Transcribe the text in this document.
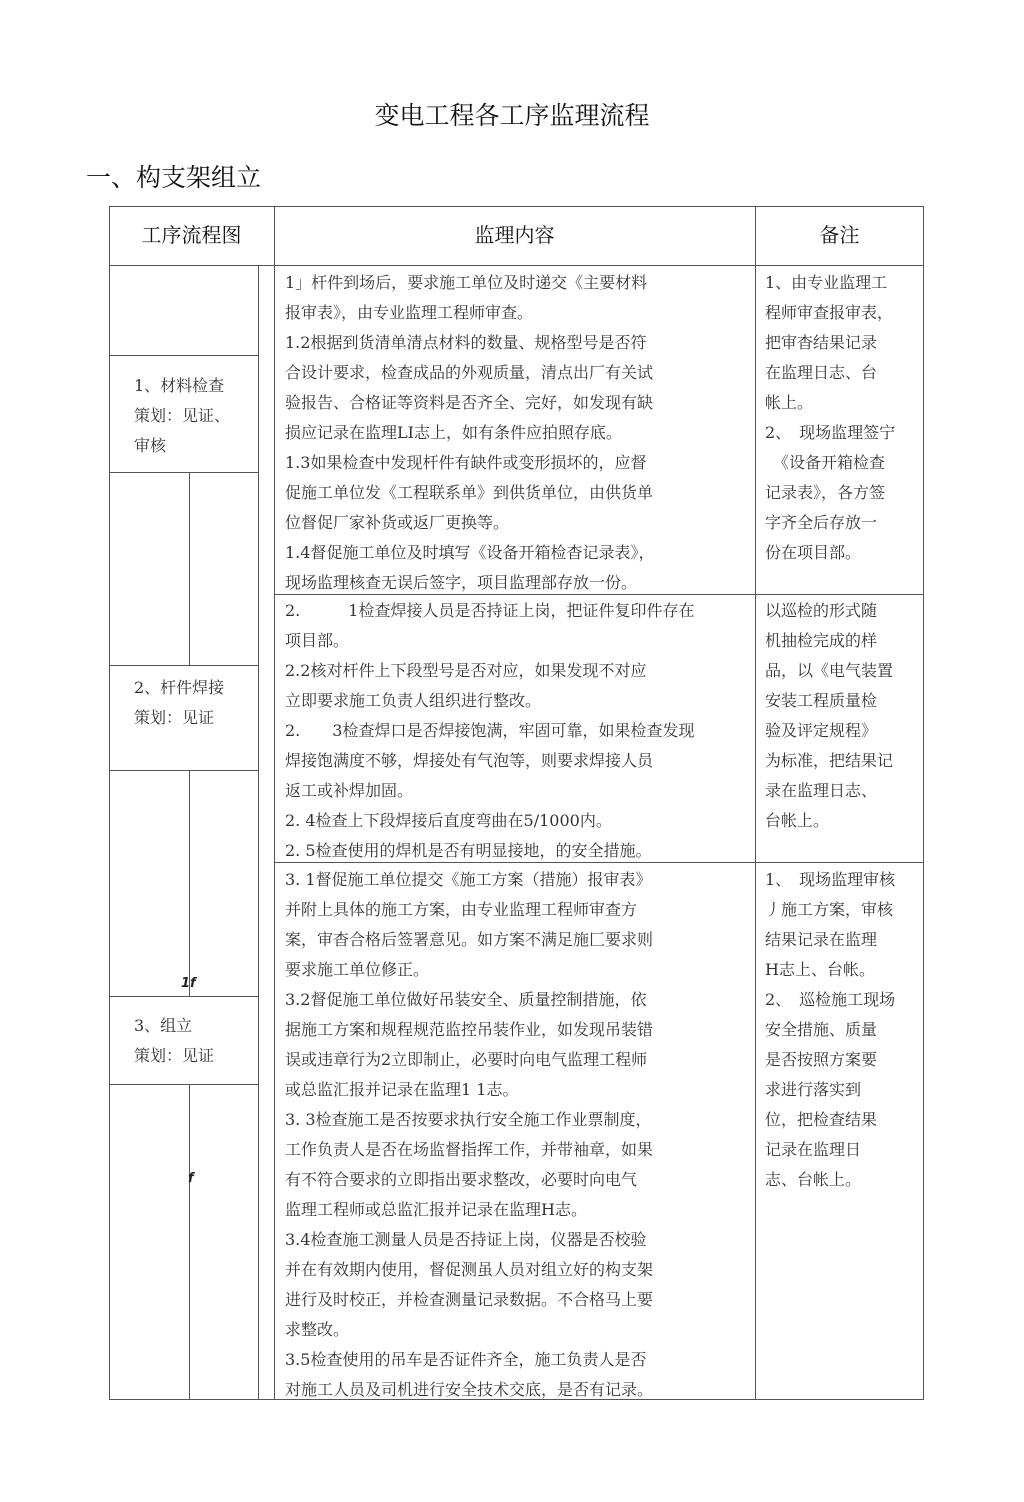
变电工程各工序监理流程
一、构支架组立
工序流程图	监理内容	备注
1、材料检查
策划：见证、
审核
2、杆件焊接
策划：见证
3、组立
策划：见证
1f
f

1」杆件到场后，要求施工单位及时递交《主要材料

报审表》，由专业监理工程师审查。

1.2根据到货清单清点材料的数量、规格型号是否符

合设计要求，检查成品的外观质量，清点出厂有关试

验报告、合格证等资料是否齐全、完好，如发现有缺

损应记录在监理LI志上，如有条件应拍照存底。

1.3如果检查中发现杆件有缺件或变形损坏的，应督

促施工单位发《工程联系单》到供货单位，由供货单

位督促厂家补货或返厂更换等。

1.4督促施工单位及时填写《设备开箱检杳记录表》，

现场监理核查无误后签字，项目监理部存放一份。

1、由专业监理工

程师审查报审表，

把审杳结果记录

在监理日志、台

帐上。

2、　现场监理签宁

　《设备开箱检查

记录表》，各方签

字齐全后存放一

份在项目部。

2.　　　1检查焊接人员是否持证上岗，把证件复印件存在

项目部。

2.2核对杆件上下段型号是否对应，如果发现不对应

立即要求施工负责人组织进行整改。

2.　　3检查焊口是否焊接饱满，牢固可靠，如果检查发现

焊接饱满度不够，焊接处有气泡等，则要求焊接人员

返工或补焊加固。

2. 4检查上下段焊接后直度弯曲在5/1000内。

2. 5检查使用的焊机是否有明显接地，的安全措施。

以巡检的形式随

机抽检完成的样

品，以《电气装置

安装工程质量检

验及评定规程》

为标准，把结果记

录在监理日志、

台帐上。

3. 1督促施工单位提交《施工方案（措施）报审表》

并附上具体的施工方案，由专业监理工程师审查方

案，审杳合格后签署意见。如方案不满足施匚要求则

要求施工单位修正。

3.2督促施工单位做好吊装安全、质量控制措施，依

据施工方案和规程规范监控吊装作业，如发现吊装错

误或违章行为2立即制止，必要时向电气监理工程师

或总监汇报并记录在监理1 1志。

3. 3检查施工是否按要求执行安全施工作业票制度，

工作负责人是否在场监督指挥工作，并带袖章，如果

有不符合要求的立即指出要求整改，必要时向电气

监理工程师或总监汇报并记录在监理H志。

3.4检查施工测量人员是否持证上岗，仪器是否校验

并在有效期内使用，督促测虽人员对组立好的构支架

进行及时校正，并检查测量记录数据。不合格马上要

求整改。

3.5检查使用的吊车是否证件齐全，施工负责人是否

对施工人员及司机进行安全技术交底，是否有记录。

1、　现场监理审核

丿施工方案，审核

结果记录在监理

H志上、台帐。

2、　巡检施工现场

安全措施、质量

是否按照方案要

求进行落实到

位，把检查结果

记录在监理日

志、台帐上。
